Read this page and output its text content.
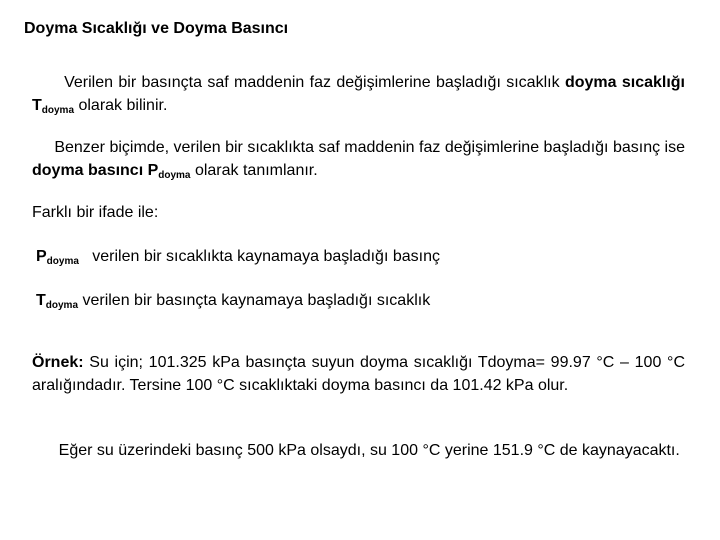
Doyma Sıcaklığı ve Doyma Basıncı
Verilen bir basınçta saf maddenin faz değişimlerine başladığı sıcaklık doyma sıcaklığı $T_{doyma}$ olarak bilinir.
Benzer biçimde, verilen bir sıcaklıkta saf maddenin faz değişimlerine başladığı basınç ise doyma basıncı $P_{doyma}$ olarak tanımlanır.
Farklı bir ifade ile:
$P_{doyma}$   verilen bir sıcaklıkta kaynamaya başladığı basınç
$T_{doyma}$ verilen bir basınçta kaynamaya başladığı sıcaklık
Örnek: Su için; 101.325 kPa basınçta suyun doyma sıcaklığı Tdoyma= 99.97 °C – 100 °C aralığındadır. Tersine 100 °C sıcaklıktaki doyma basıncı da 101.42 kPa olur.
Eğer su üzerindeki basınç 500 kPa olsaydı, su 100 °C yerine 151.9 °C de kaynayacaktı.
